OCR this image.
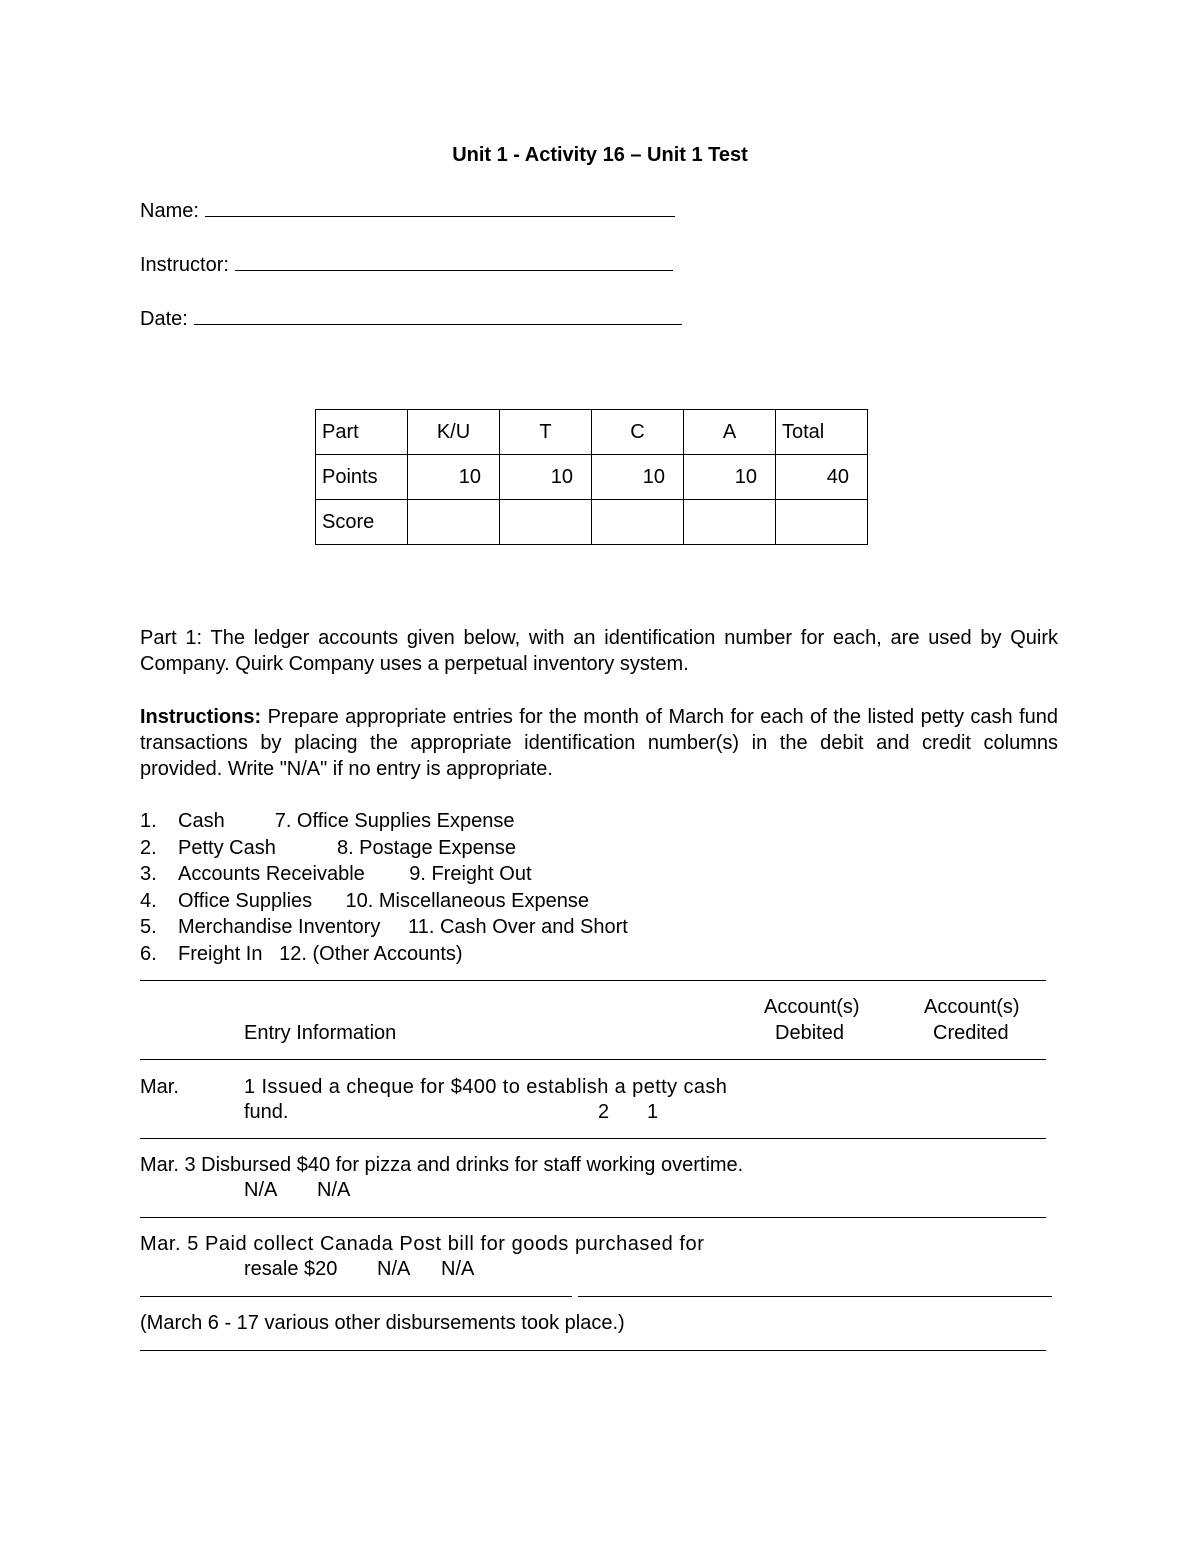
Unit 1 - Activity 16 – Unit 1 Test
Name:
Instructor:
Date:
Part	K/U	T	C	A	Total
Points	10	10	10	10	40
Score					
Part 1: The ledger accounts given below, with an identification number for each, are used by Quirk Company. Quirk Company uses a perpetual inventory system.
Instructions: Prepare appropriate entries for the month of March for each of the listed petty cash fund transactions by placing the appropriate identification number(s) in the debit and credit columns provided. Write "N/A" if no entry is appropriate.
1. Cash         7. Office Supplies Expense
2. Petty Cash           8. Postage Expense
3. Accounts Receivable        9. Freight Out
4. Office Supplies      10. Miscellaneous Expense
5. Merchandise Inventory     11. Cash Over and Short
6. Freight In   12. (Other Accounts)
Account(s)	Account(s)
Entry Information	Debited	Credited
Mar.	1 Issued a cheque for $400 to establish a petty cash
fund.	2 1
Mar. 3 Disbursed $40 for pizza and drinks for staff working overtime.
N/A N/A
Mar. 5 Paid collect Canada Post bill for goods purchased for
resale $20 N/A N/A
(March 6 - 17 various other disbursements took place.)
